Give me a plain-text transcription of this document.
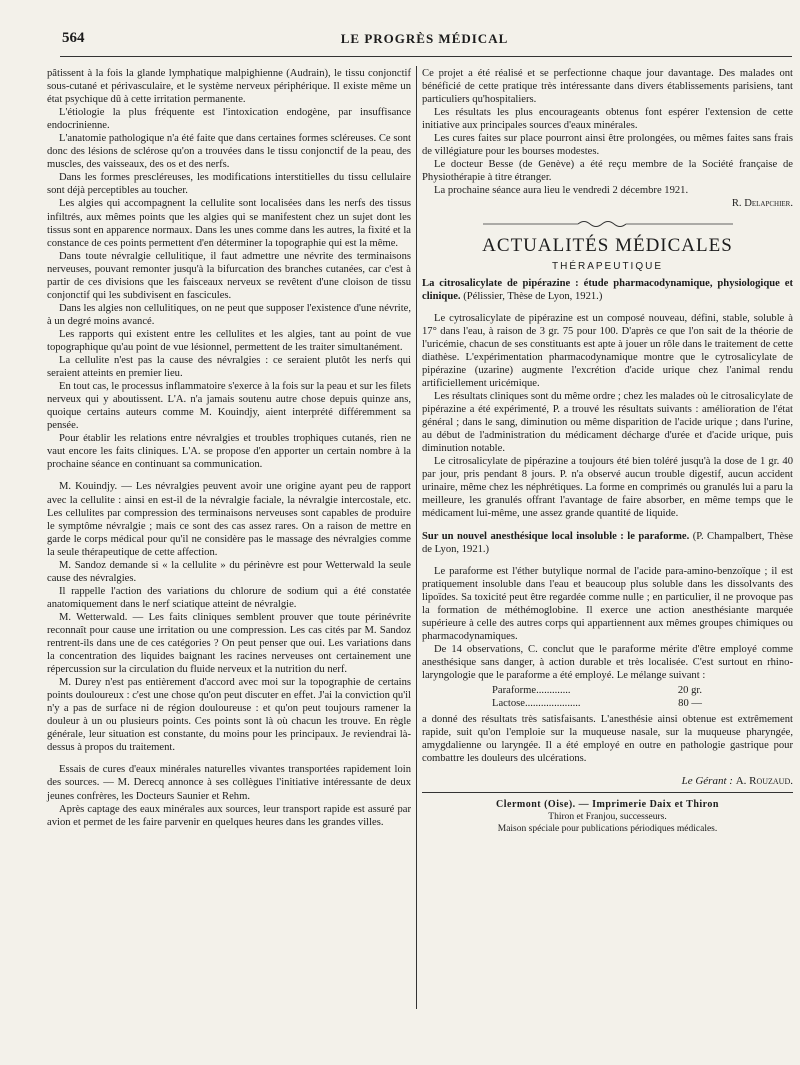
564	LE PROGRÈS MÉDICAL

pâtissent à la fois la glande lymphatique malpighienne (Audrain), le tissu conjonctif sous-cutané et périvasculaire, et le système nerveux périphérique. Il existe même un état psychique dû à cette irritation permanente.

L'étiologie la plus fréquente est l'intoxication endogène, par insuffisance endocrinienne.

L'anatomie pathologique n'a été faite que dans certaines formes scléreuses. Ce sont donc des lésions de sclérose qu'on a trouvées dans le tissu conjonctif de la peau, des muscles, des vaisseaux, des os et des nerfs.

Dans les formes prescléreuses, les modifications interstitielles du tissu cellulaire sont déjà perceptibles au toucher.

Les algies qui accompagnent la cellulite sont localisées dans les nerfs des tissus infiltrés, aux mêmes points que les algies qui se manifestent chez un sujet dont les tissus sont en apparence normaux. Dans les unes comme dans les autres, la fixité et la constance de ces points permettent d'en déterminer la topographie qui est la même.

Dans toute névralgie cellulitique, il faut admettre une névrite des terminaisons nerveuses, pouvant remonter jusqu'à la bifurcation des branches cutanées, car c'est à partir de ces divisions que les faisceaux nerveux se revêtent d'une cloison de tissu conjonctif qui les subdivisent en fascicules.

Dans les algies non cellulitiques, on ne peut que supposer l'existence d'une névrite, à un degré moins avancé.

Les rapports qui existent entre les cellulites et les algies, tant au point de vue topographique qu'au point de vue lésionnel, permettent de les traiter simultanément.

La cellulite n'est pas la cause des névralgies : ce seraient plutôt les nerfs qui seraient atteints en premier lieu.

En tout cas, le processus inflammatoire s'exerce à la fois sur la peau et sur les filets nerveux qui y aboutissent. L'A. n'a jamais soutenu autre chose depuis quinze ans, quoique certains auteurs comme M. Kouindjy, aient interprété différemment sa pensée.

Pour établir les relations entre névralgies et troubles trophiques cutanés, rien ne vaut encore les faits cliniques. L'A. se propose d'en apporter un certain nombre à la prochaine séance en continuant sa communication.

M. Kouindjy. — Les névralgies peuvent avoir une origine ayant peu de rapport avec la cellulite : ainsi en est-il de la névralgie faciale, la névralgie intercostale, etc. Les cellulites par compression des terminaisons nerveuses sont capables de produire le symptôme névralgie ; mais ce sont des cas assez rares. On a raison de mettre en garde le corps médical pour qu'il ne considère pas le massage des névralgies comme la seule thérapeutique de cette affection.

M. Sandoz demande si « la cellulite » du périnèvre est pour Wetterwald la seule cause des névralgies.

Il rappelle l'action des variations du chlorure de sodium qui a été constatée anatomiquement dans le nerf sciatique atteint de névralgie.

M. Wetterwald. — Les faits cliniques semblent prouver que toute périnévrite reconnaît pour cause une irritation ou une compression. Les cas cités par M. Sandoz rentrent-ils dans une de ces catégories ? On peut penser que oui. Les variations dans la concentration des liquides baignant les racines nerveuses ont certainement une répercussion sur la circulation du fluide nerveux et la nutrition du nerf.

M. Durey n'est pas entièrement d'accord avec moi sur la topographie de certains points douloureux : c'est une chose qu'on peut discuter en effet. J'ai la conviction qu'il n'y a pas de surface ni de région douloureuse : et qu'on peut toujours ramener la douleur à un ou plusieurs points. Ces points sont là où chacun les trouve. En règle générale, leur situation est constante, du moins pour les principaux. Je reviendrai là-dessus à propos du traitement.

Essais de cures d'eaux minérales naturelles vivantes transportées rapidement loin des sources. — M. Derecq annonce à ses collègues l'initiative intéressante de deux jeunes confrères, les Docteurs Saunier et Rehm.

Après captage des eaux minérales aux sources, leur transport rapide est assuré par avion et permet de les faire parvenir en quelques heures dans les grandes villes.

Ce projet a été réalisé et se perfectionne chaque jour davantage. Des malades ont bénéficié de cette pratique très intéressante dans divers établissements parisiens, tant particuliers qu'hospitaliers.

Les résultats les plus encourageants obtenus font espérer l'extension de cette initiative aux principales sources d'eaux minérales.

Les cures faites sur place pourront ainsi être prolongées, ou mêmes faites sans frais de villégiature pour les bourses modestes.

Le docteur Besse (de Genève) a été reçu membre de la Société française de Physiothérapie à titre étranger.

La prochaine séance aura lieu le vendredi 2 décembre 1921.

R. Delapchier.

ACTUALITÉS MÉDICALES
THÉRAPEUTIQUE

La citrosalicylate de pipérazine : étude pharmacodynamique, physiologique et clinique. (Pélissier, Thèse de Lyon, 1921.)

Le cytrosalicylate de pipérazine est un composé nouveau, défini, stable, soluble à 17° dans l'eau, à raison de 3 gr. 75 pour 100. D'après ce que l'on sait de la théorie de l'uricémie, chacun de ses constituants est apte à jouer un rôle dans le traitement de cette diathèse. L'expérimentation pharmacodynamique montre que le cytrosalicylate de pipérazine (uzarine) augmente l'excrétion d'acide urique chez l'animal rendu artificiellement uricémique.

Les résultats cliniques sont du même ordre ; chez les malades où le citrosalicylate de pipérazine a été expérimenté, P. a trouvé les résultats suivants : amélioration de l'état général ; dans le sang, diminution ou même disparition de l'acide urique ; dans l'urine, au début de l'administration du médicament décharge d'urée et d'acide urique, puis diminution notable.

Le citrosalicylate de pipérazine a toujours été bien toléré jusqu'à la dose de 1 gr. 40 par jour, pris pendant 8 jours. P. n'a observé aucun trouble digestif, aucun accident urinaire, même chez les néphrétiques. La forme en comprimés ou granulés lui a paru la meilleure, les granulés offrant l'avantage de faire absorber, en même temps que le médicament lui-même, une assez grande quantité de liquide.

Sur un nouvel anesthésique local insoluble : le paraforme. (P. Champalbert, Thèse de Lyon, 1921.)

Le paraforme est l'éther butylique normal de l'acide para-amino-benzoïque ; il est pratiquement insoluble dans l'eau et beaucoup plus soluble dans les dissolvants des lipoïdes. Sa toxicité peut être regardée comme nulle ; en particulier, il ne provoque pas la formation de méthémoglobine. Il exerce une action anesthésiante marquée supérieure à celle des autres corps qui appartiennent aux mêmes groupes chimiques ou pharmacodynamiques.

De 14 observations, C. conclut que le paraforme mérite d'être employé comme anesthésique sans danger, à action durable et très localisée. C'est surtout en rhino-laryngologie que le paraforme a été employé. Le mélange suivant :

Paraforme.............	20 gr.
Lactose.....................	80 —

a donné des résultats très satisfaisants. L'anesthésie ainsi obtenue est extrêmement rapide, suit qu'on l'emploie sur la muqueuse nasale, sur la muqueuse pharyngée, amygdalienne ou laryngée. Il a été employé en outre en pathologie gastrique pour combattre les douleurs des ulcérations.

Le Gérant : A. Rouzaud.
Clermont (Oise). — Imprimerie Daix et Thiron
Thiron et Franjou, successeurs.
Maison spéciale pour publications périodiques médicales.
